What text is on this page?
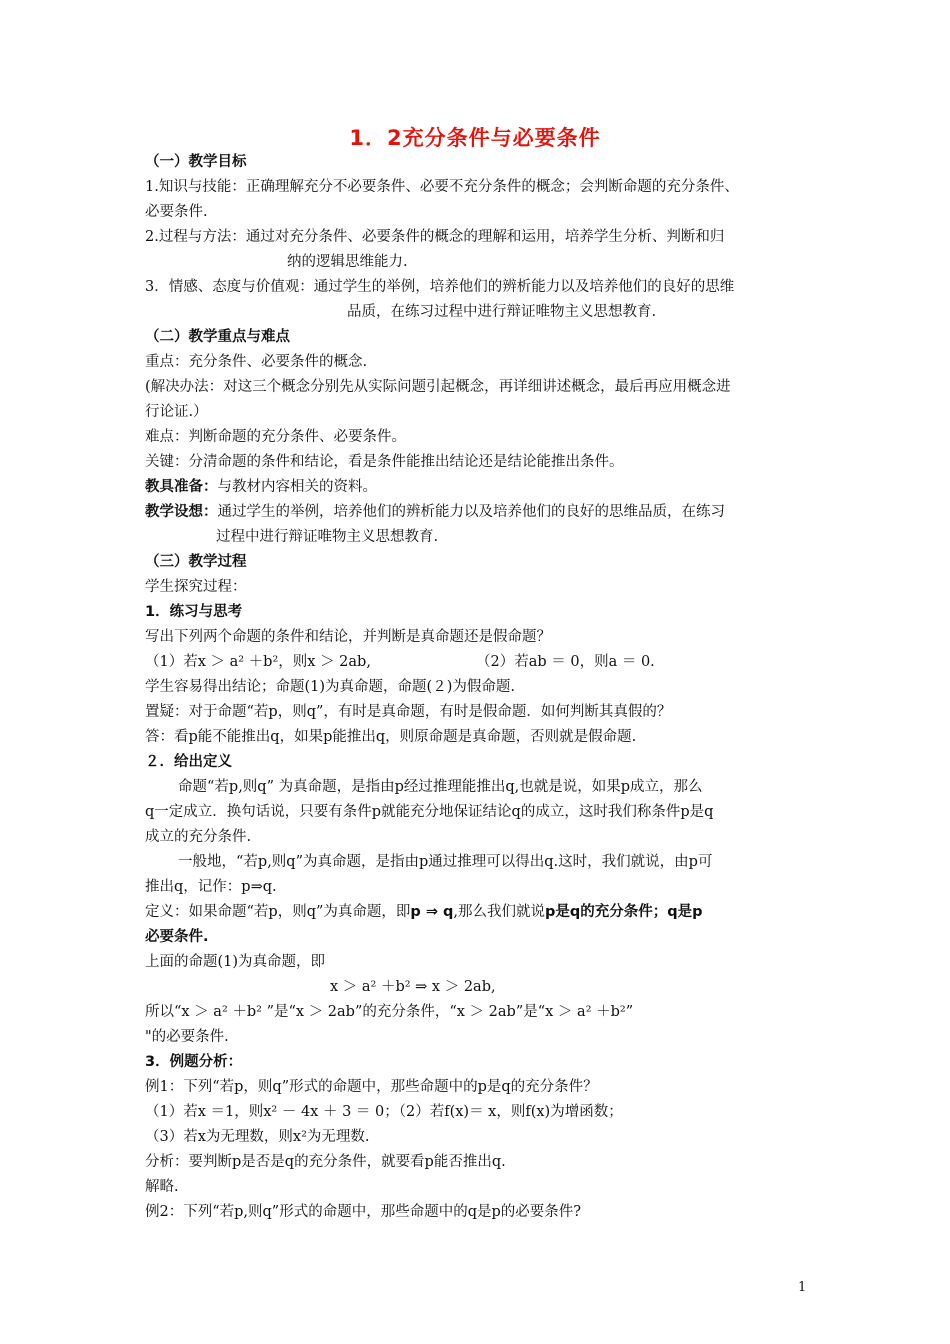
1．2充分条件与必要条件
（一）教学目标
1.知识与技能：正确理解充分不必要条件、必要不充分条件的概念；会判断命题的充分条件、
必要条件.
2.过程与方法：通过对充分条件、必要条件的概念的理解和运用，培养学生分析、判断和归
纳的逻辑思维能力.
3．情感、态度与价值观：通过学生的举例，培养他们的辨析能力以及培养他们的良好的思维
品质，在练习过程中进行辩证唯物主义思想教育.
（二）教学重点与难点
重点：充分条件、必要条件的概念.
(解决办法：对这三个概念分别先从实际问题引起概念，再详细讲述概念，最后再应用概念进
行论证.）
难点：判断命题的充分条件、必要条件。
关键：分清命题的条件和结论，看是条件能推出结论还是结论能推出条件。
教具准备：与教材内容相关的资料。
教学设想：通过学生的举例，培养他们的辨析能力以及培养他们的良好的思维品质，在练习
过程中进行辩证唯物主义思想教育.
（三）教学过程
学生探究过程：
1．练习与思考
写出下列两个命题的条件和结论，并判断是真命题还是假命题？
（1）若x ＞ a² ＋b²，则x ＞ 2ab,	（2）若ab ＝ 0，则a ＝ 0.
学生容易得出结论；命题(1)为真命题，命题(２)为假命题.
置疑：对于命题“若p，则q”，有时是真命题，有时是假命题．如何判断其真假的？
答：看p能不能推出q，如果p能推出q，则原命题是真命题，否则就是假命题.
２．给出定义
命题“若p,则q” 为真命题，是指由p经过推理能推出q,也就是说，如果p成立，那么
q一定成立．换句话说，只要有条件p就能充分地保证结论q的成立，这时我们称条件p是q
成立的充分条件.
一般地，“若p,则q”为真命题，是指由p通过推理可以得出q.这时，我们就说，由p可
推出q，记作：p⇒q.
定义：如果命题“若p，则q”为真命题，即p ⇒ q,那么我们就说p是q的充分条件；q是p
必要条件.
上面的命题(1)为真命题，即
x ＞ a² ＋b² ⇒ x ＞ 2ab,
所以“x ＞ a² ＋b² ”是“x ＞ 2ab”的充分条件，“x ＞ 2ab”是“x ＞ a² ＋b²”
"的必要条件.
3．例题分析：
例1：下列“若p，则q”形式的命题中，那些命题中的p是q的充分条件？
（1）若x ＝1，则x² － 4x ＋ 3 ＝ 0；（2）若f(x)＝ x，则f(x)为增函数；
（3）若x为无理数，则x²为无理数.
分析：要判断p是否是q的充分条件，就要看p能否推出q.
解略.
例2：下列“若p,则q”形式的命题中，那些命题中的q是p的必要条件?
1
